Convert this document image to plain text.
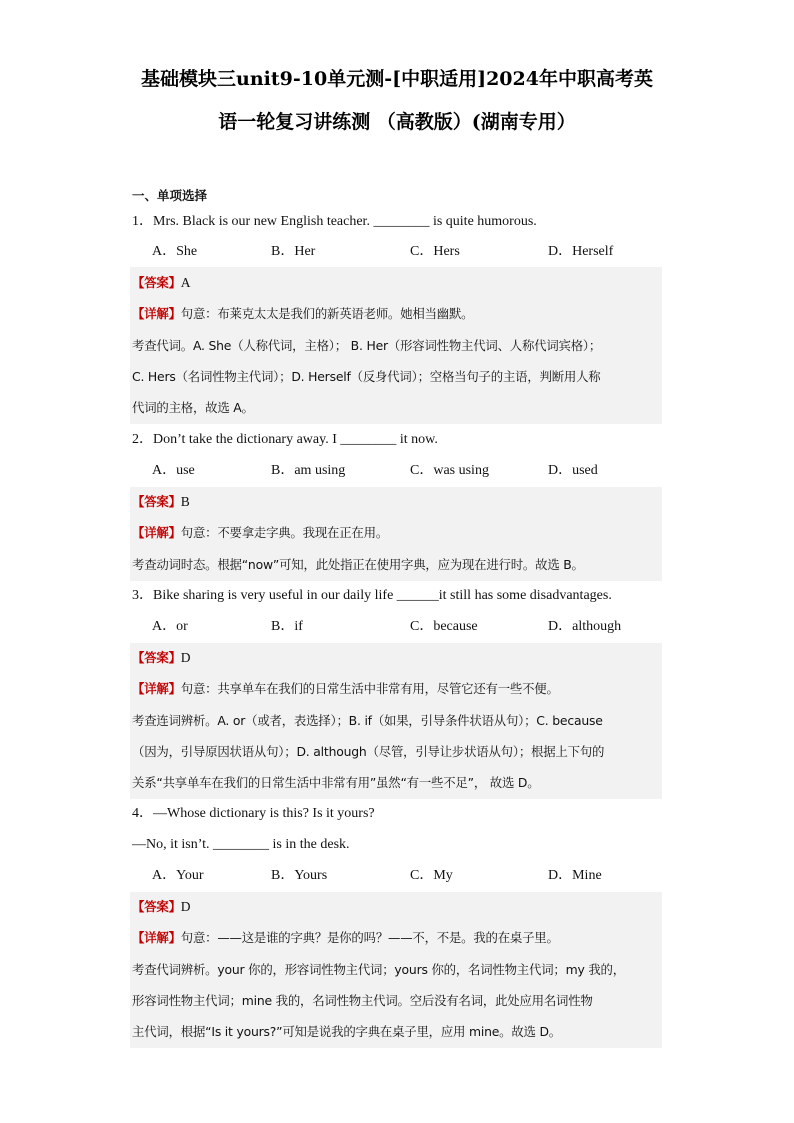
基础模块三unit9-10单元测-[中职适用]2024年中职高考英
语一轮复习讲练测 （高教版）(湖南专用）
一、单项选择
1．Mrs. Black is our new English teacher. ________ is quite humorous.
A．She	B．Her	C．Hers	D．Herself
【答案】A
【详解】句意：布莱克太太是我们的新英语老师。她相当幽默。
考查代词。A. She（人称代词，主格）； B. Her（形容词性物主代词、人称代词宾格）；
C. Hers（名词性物主代词）；D. Herself（反身代词）；空格当句子的主语，判断用人称
代词的主格，故选 A。
2．Don’t take the dictionary away. I ________ it now.
A．use	B．am using	C．was using	D．used
【答案】B
【详解】句意：不要拿走字典。我现在正在用。
考查动词时态。根据“now”可知，此处指正在使用字典，应为现在进行时。故选 B。
3．Bike sharing is very useful in our daily life ______it still has some disadvantages.
A．or	B．if	C．because	D．although
【答案】D
【详解】句意：共享单车在我们的日常生活中非常有用，尽管它还有一些不便。
考查连词辨析。A. or（或者，表选择）；B. if（如果，引导条件状语从句）；C. because
（因为，引导原因状语从句）；D. although（尽管，引导让步状语从句）；根据上下句的
关系“共享单车在我们的日常生活中非常有用”虽然“有一些不足”， 故选 D。
4．—Whose dictionary is this? Is it yours?
—No, it isn’t. ________ is in the desk.
A．Your	B．Yours	C．My	D．Mine
【答案】D
【详解】句意：——这是谁的字典？是你的吗？——不，不是。我的在桌子里。
考查代词辨析。your 你的，形容词性物主代词；yours 你的，名词性物主代词；my 我的，
形容词性物主代词；mine 我的，名词性物主代词。空后没有名词，此处应用名词性物
主代词，根据“Is it yours?”可知是说我的字典在桌子里，应用 mine。故选 D。
